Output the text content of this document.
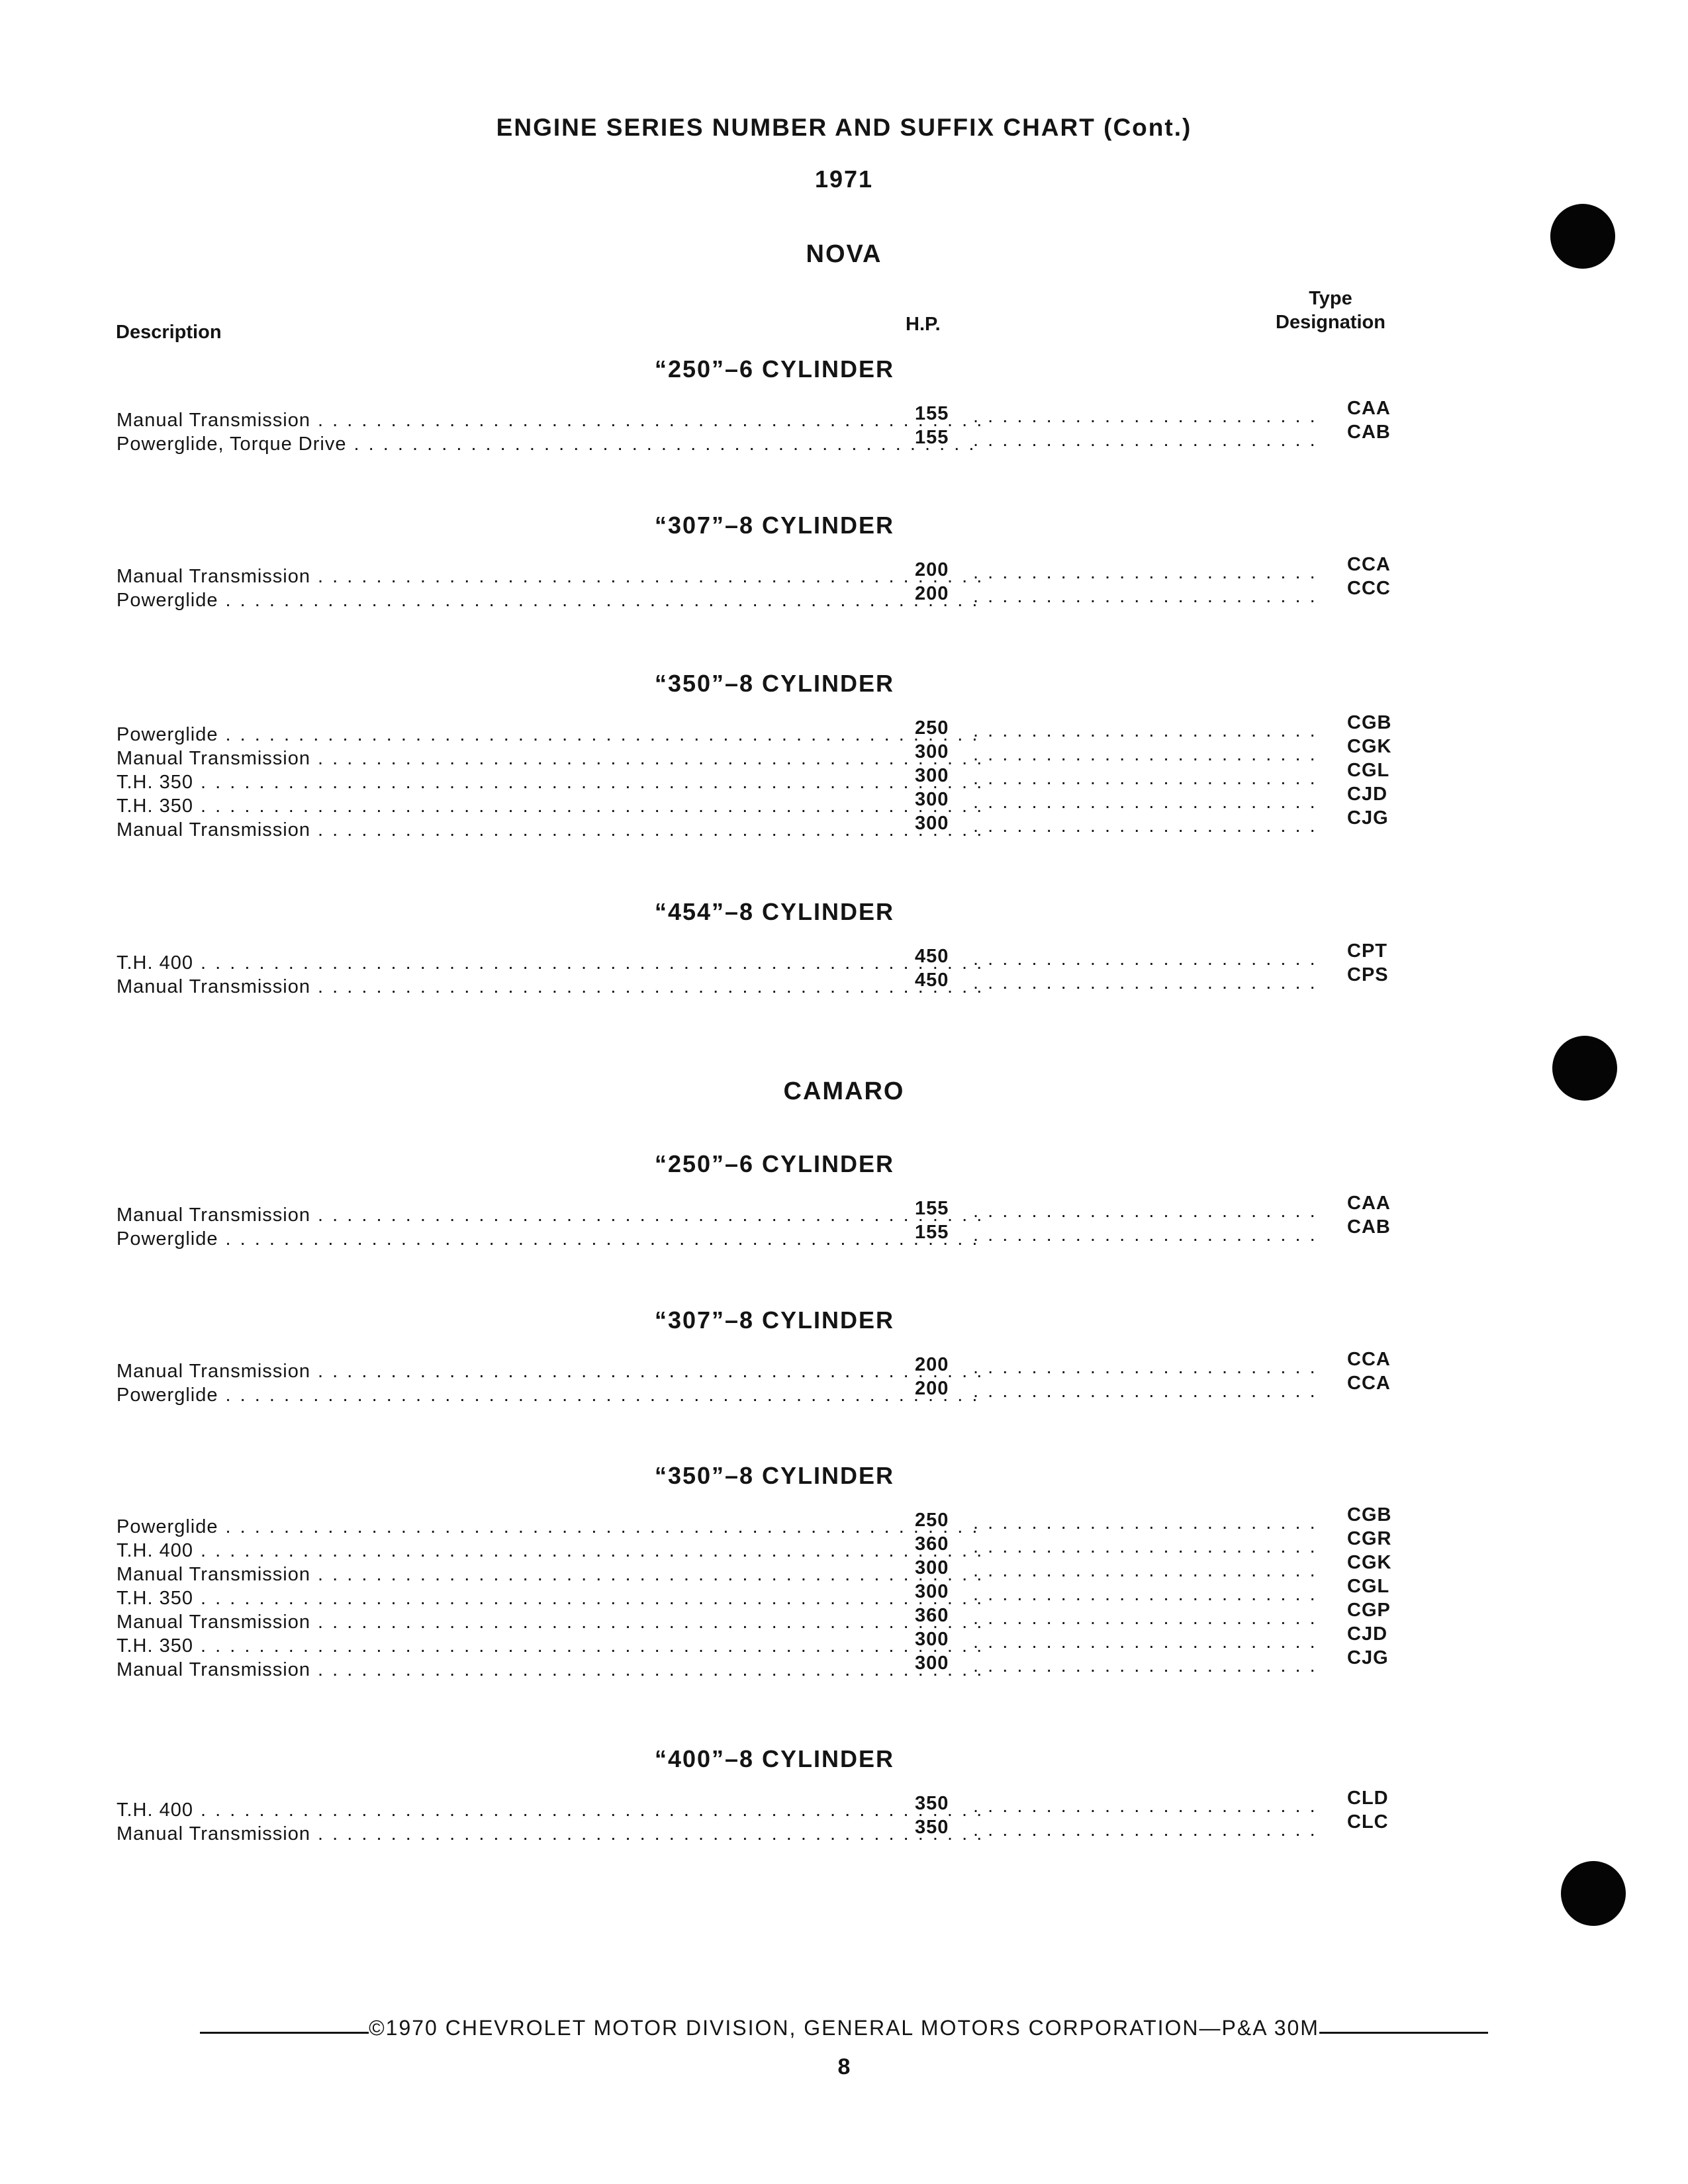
ENGINE SERIES NUMBER AND SUFFIX CHART (Cont.)
1971
NOVA
Description	H.P.
Type
Designation
“250”–6 CYLINDER
Manual Transmission . . .	155 . . .	CAA
Powerglide, Torque Drive . . .	155 . . .	CAB
“307”–8 CYLINDER
Manual Transmission . . .	200 . . .	CCA
Powerglide . . .	200 . . .	CCC
“350”–8 CYLINDER
Powerglide . . .	250 . . .	CGB
Manual Transmission . . .	300 . . .	CGK
T.H. 350 . . .	300 . . .	CGL
T.H. 350 . . .	300 . . .	CJD
Manual Transmission . . .	300 . . .	CJG
“454”–8 CYLINDER
T.H. 400 . . .	450 . . .	CPT
Manual Transmission . . .	450 . . .	CPS
CAMARO
“250”–6 CYLINDER
Manual Transmission . . .	155 . . .	CAA
Powerglide . . .	155 . . .	CAB
“307”–8 CYLINDER
Manual Transmission . . .	200 . . .	CCA
Powerglide . . .	200 . . .	CCA
“350”–8 CYLINDER
Powerglide . . .	250 . . .	CGB
T.H. 400 . . .	360 . . .	CGR
Manual Transmission . . .	300 . . .	CGK
T.H. 350 . . .	300 . . .	CGL
Manual Transmission . . .	360 . . .	CGP
T.H. 350 . . .	300 . . .	CJD
Manual Transmission . . .	300 . . .	CJG
“400”–8 CYLINDER
T.H. 400 . . .	350 . . .	CLD
Manual Transmission . . .	350 . . .	CLC
©1970 CHEVROLET MOTOR DIVISION, GENERAL MOTORS CORPORATION—P&A 30M
8
